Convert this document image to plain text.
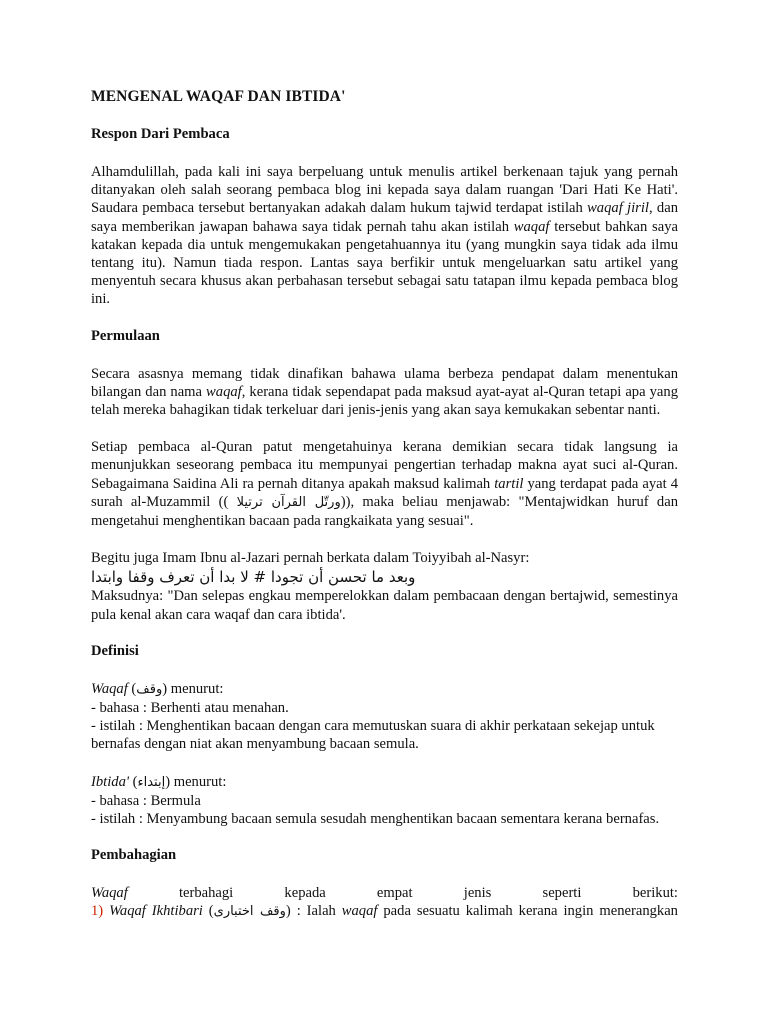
MENGENAL WAQAF DAN IBTIDA'
Respon Dari Pembaca

Alhamdulillah, pada kali ini saya berpeluang untuk menulis artikel berkenaan tajuk yang pernah ditanyakan oleh salah seorang pembaca blog ini kepada saya dalam ruangan 'Dari Hati Ke Hati'. Saudara pembaca tersebut bertanyakan adakah dalam hukum tajwid terdapat istilah waqaf jiril, dan saya memberikan jawapan bahawa saya tidak pernah tahu akan istilah waqaf tersebut bahkan saya katakan kepada dia untuk mengemukakan pengetahuannya itu (yang mungkin saya tidak ada ilmu tentang itu). Namun tiada respon. Lantas saya berfikir untuk mengeluarkan satu artikel yang menyentuh secara khusus akan perbahasan tersebut sebagai satu tatapan ilmu kepada pembaca blog ini.

Permulaan

Secara asasnya memang tidak dinafikan bahawa ulama berbeza pendapat dalam menentukan bilangan dan nama waqaf, kerana tidak sependapat pada maksud ayat-ayat al-Quran tetapi apa yang telah mereka bahagikan tidak terkeluar dari jenis-jenis yang akan saya kemukakan sebentar nanti.

Setiap pembaca al-Quran patut mengetahuinya kerana demikian secara tidak langsung ia menunjukkan seseorang pembaca itu mempunyai pengertian terhadap makna ayat suci al-Quran. Sebagaimana Saidina Ali ra pernah ditanya apakah maksud kalimah tartil yang terdapat pada ayat 4 surah al-Muzammil (( ورتّل القرآن ترتيلا)), maka beliau menjawab: "Mentajwidkan huruf dan mengetahui menghentikan bacaan pada rangkaikata yang sesuai".

Begitu juga Imam Ibnu al-Jazari pernah berkata dalam Toiyyibah al-Nasyr:

وبعد ما تحسن أن تجودا # لا بدا أن تعرف وقفا وابتدا

Maksudnya: "Dan selepas engkau memperelokkan dalam pembacaan dengan bertajwid, semestinya pula kenal akan cara waqaf dan cara ibtida'.

Definisi

Waqaf (وقف) menurut:
- bahasa : Berhenti atau menahan.
- istilah : Menghentikan bacaan dengan cara memutuskan suara di akhir perkataan sekejap untuk bernafas dengan niat akan menyambung bacaan semula.

Ibtida' (إبتداء) menurut:
- bahasa : Bermula
- istilah : Menyambung bacaan semula sesudah menghentikan bacaan sementara kerana bernafas.

Pembahagian

Waqaf terbahagi kepada empat jenis seperti berikut:

1) Waqaf Ikhtibari (وقف اختبارى) : Ialah waqaf pada sesuatu kalimah kerana ingin menerangkan
